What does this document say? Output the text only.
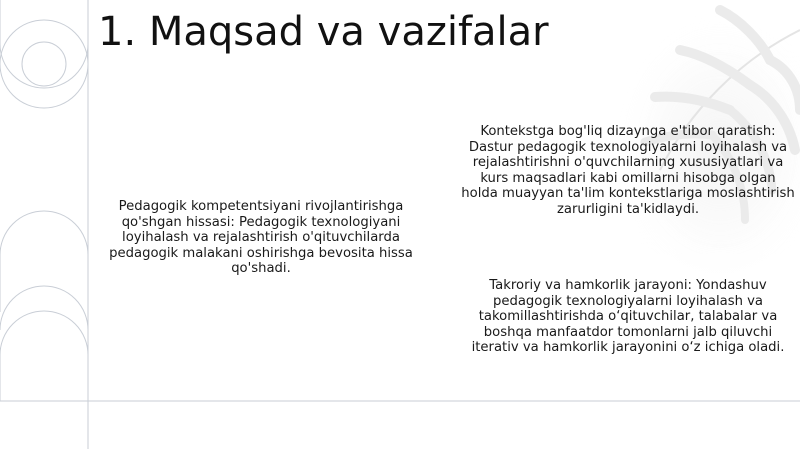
1. Maqsad va vazifalar

Pedagogik kompetentsiyani rivojlantirishga qo'shgan hissasi: Pedagogik texnologiyani loyihalash va rejalashtirish o'qituvchilarda pedagogik malakani oshirishga bevosita hissa qo'shadi.

Kontekstga bog'liq dizaynga e'tibor qaratish: Dastur pedagogik texnologiyalarni loyihalash va rejalashtirishni o'quvchilarning xususiyatlari va kurs maqsadlari kabi omillarni hisobga olgan holda muayyan ta'lim kontekstlariga moslashtirish zarurligini ta'kidlaydi.

Takroriy va hamkorlik jarayoni: Yondashuv pedagogik texnologiyalarni loyihalash va takomillashtirishda o‘qituvchilar, talabalar va boshqa manfaatdor tomonlarni jalb qiluvchi iterativ va hamkorlik jarayonini o‘z ichiga oladi.
